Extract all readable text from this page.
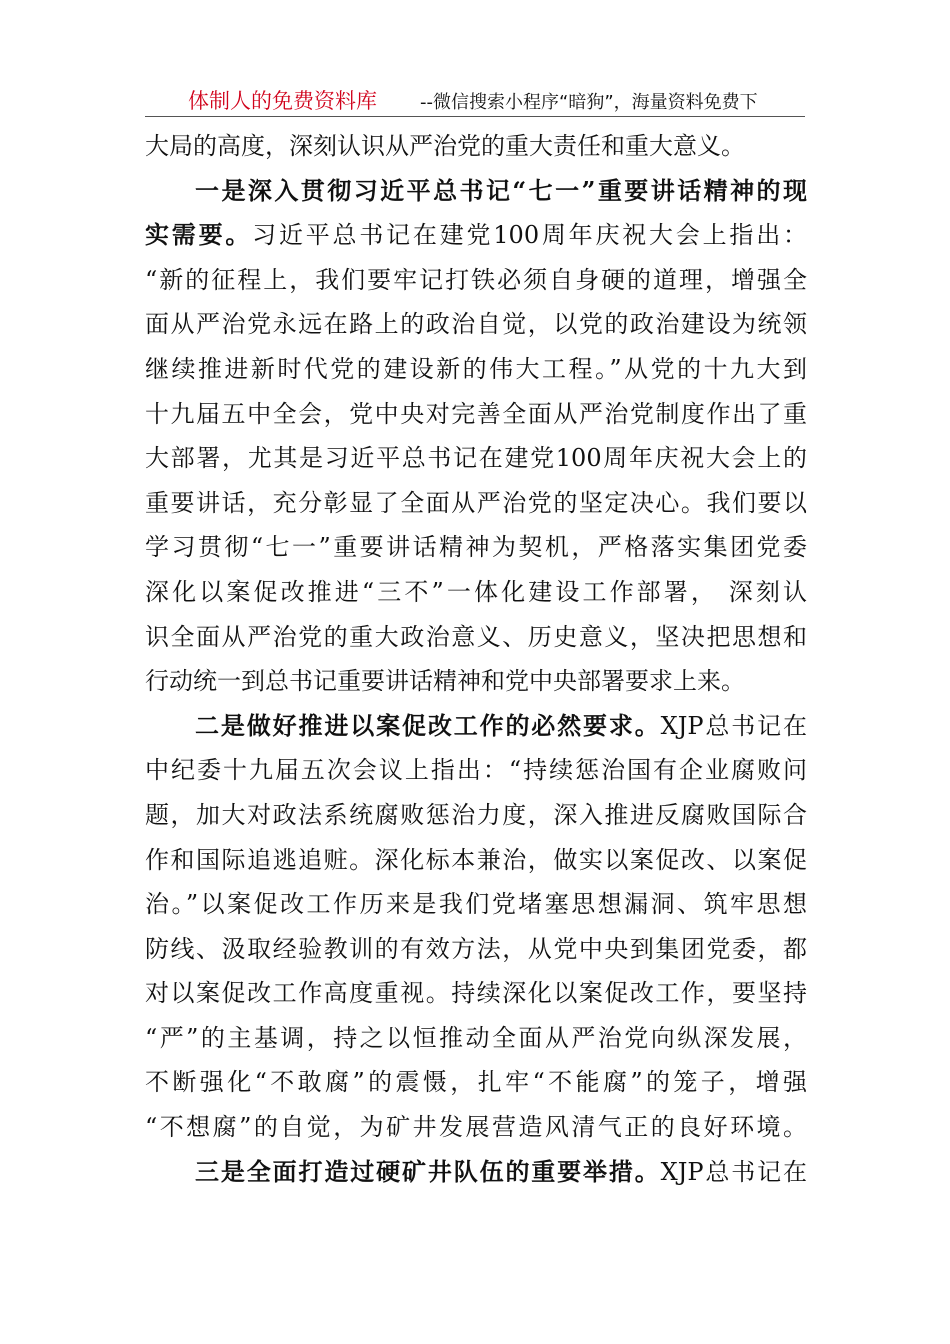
体制人的免费资料库 --微信搜索小程序“暗狗”，海量资料免费下
大局的高度，深刻认识从严治党的重大责任和重大意义。
一是深入贯彻习近平总书记“七一”重要讲话精神的现
实需要。习近平总书记在建党100周年庆祝大会上指出：
“新的征程上，我们要牢记打铁必须自身硬的道理，增强全
面从严治党永远在路上的政治自觉，以党的政治建设为统领
继续推进新时代党的建设新的伟大工程。”从党的十九大到
十九届五中全会，党中央对完善全面从严治党制度作出了重
大部署，尤其是习近平总书记在建党100周年庆祝大会上的
重要讲话，充分彰显了全面从严治党的坚定决心。我们要以
学习贯彻“七一”重要讲话精神为契机，严格落实集团党委
深化以案促改推进“三不”一体化建设工作部署， 深刻认
识全面从严治党的重大政治意义、历史意义，坚决把思想和
行动统一到总书记重要讲话精神和党中央部署要求上来。
二是做好推进以案促改工作的必然要求。XJP总书记在
中纪委十九届五次会议上指出：“持续惩治国有企业腐败问
题，加大对政法系统腐败惩治力度，深入推进反腐败国际合
作和国际追逃追赃。深化标本兼治，做实以案促改、以案促
治。”以案促改工作历来是我们党堵塞思想漏洞、筑牢思想
防线、汲取经验教训的有效方法，从党中央到集团党委，都
对以案促改工作高度重视。持续深化以案促改工作，要坚持
“严”的主基调，持之以恒推动全面从严治党向纵深发展，
不断强化“不敢腐”的震慑，扎牢“不能腐”的笼子，增强
“不想腐”的自觉，为矿井发展营造风清气正的良好环境。
三是全面打造过硬矿井队伍的重要举措。XJP总书记在
